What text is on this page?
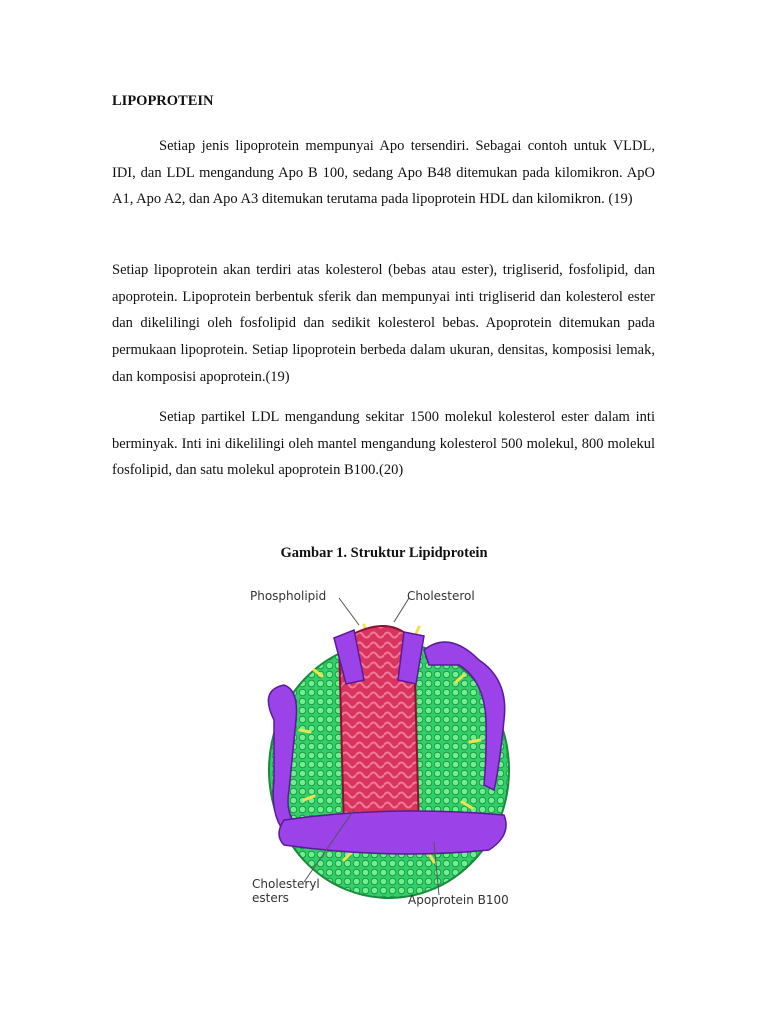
LIPOPROTEIN

Setiap jenis lipoprotein mempunyai Apo tersendiri. Sebagai contoh untuk VLDL, IDI, dan LDL mengandung Apo B 100, sedang Apo B48 ditemukan pada kilomikron. ApO A1, Apo A2, dan Apo A3 ditemukan terutama pada lipoprotein HDL dan kilomikron. (19)

Setiap lipoprotein akan terdiri atas kolesterol (bebas atau ester), trigliserid, fosfolipid, dan apoprotein. Lipoprotein berbentuk sferik dan mempunyai inti trigliserid dan kolesterol ester dan dikelilingi oleh fosfolipid dan sedikit kolesterol bebas. Apoprotein ditemukan pada permukaan lipoprotein. Setiap lipoprotein berbeda dalam ukuran, densitas, komposisi lemak, dan komposisi apoprotein.(19)

Setiap partikel LDL mengandung sekitar 1500 molekul kolesterol ester dalam inti berminyak. Inti ini dikelilingi oleh mantel mengandung kolesterol 500 molekul, 800 molekul fosfolipid, dan satu molekul apoprotein B100.(20)

Gambar 1. Struktur Lipidprotein

Phospholipid	Cholesterol
Cholesteryl esters	Apoprotein B100
